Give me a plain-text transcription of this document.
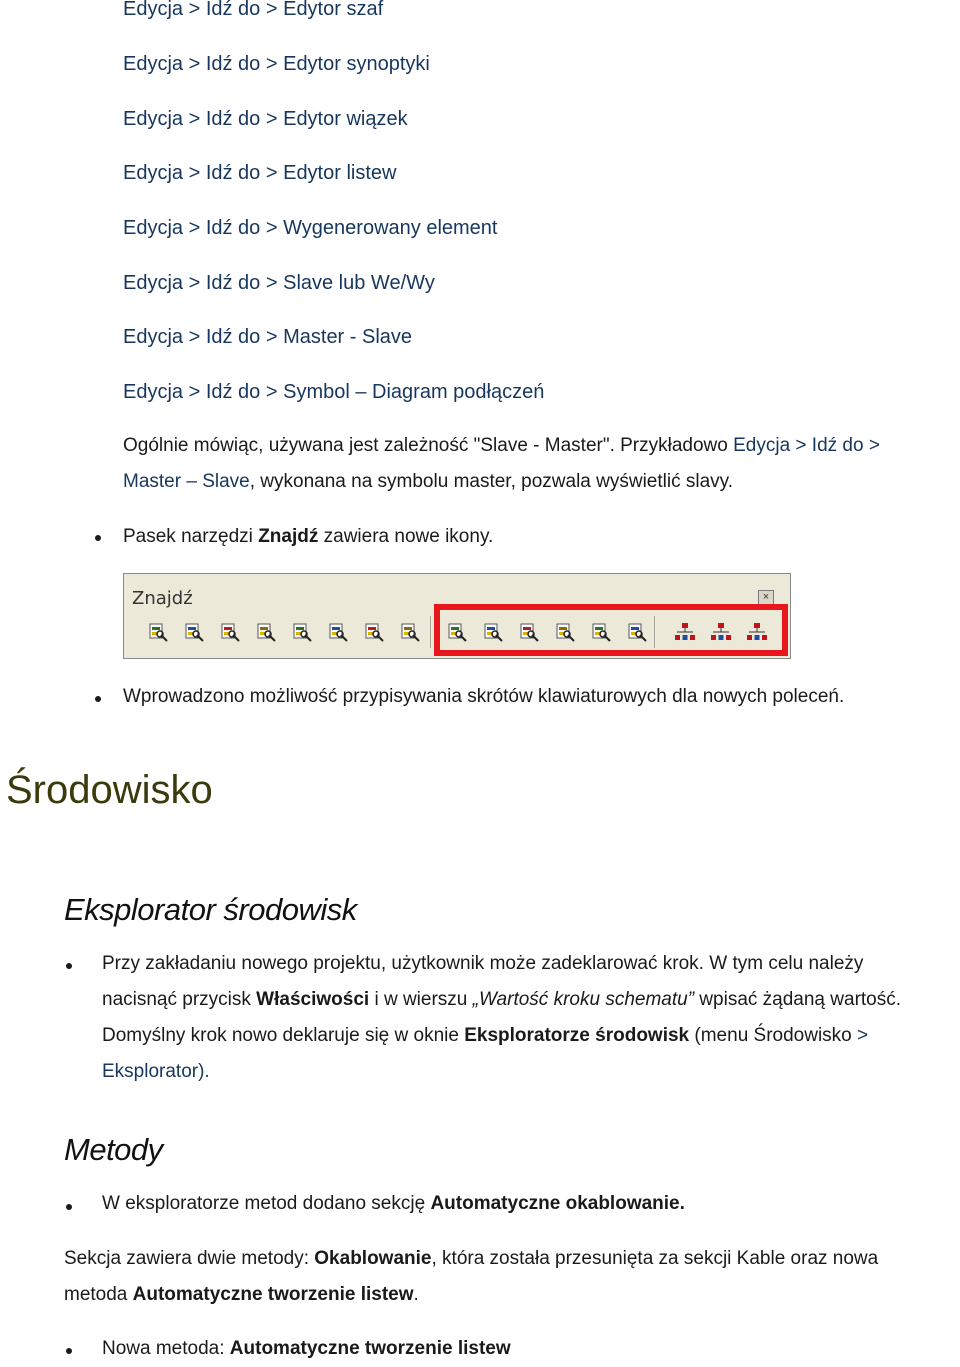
Edycja > Idź do > Edytor szaf
Edycja > Idź do > Edytor synoptyki
Edycja > Idź do > Edytor wiązek
Edycja > Idź do > Edytor listew
Edycja > Idź do > Wygenerowany element
Edycja > Idź do > Slave lub We/Wy
Edycja > Idź do > Master - Slave
Edycja > Idź do > Symbol – Diagram podłączeń
Ogólnie mówiąc, używana jest zależność "Slave - Master". Przykładowo Edycja > Idź do >
Master – Slave, wykonana na symbolu master, pozwala wyświetlić slavy.
Pasek narzędzi Znajdź zawiera nowe ikony.
Znajdź	×
Wprowadzono możliwość przypisywania skrótów klawiaturowych dla nowych poleceń.
Środowisko
Eksplorator środowisk
Przy zakładaniu nowego projektu, użytkownik może zadeklarować krok. W tym celu należy
nacisnąć przycisk Właściwości i w wierszu „Wartość kroku schematu” wpisać żądaną wartość.
Domyślny krok nowo deklaruje się w oknie Eksploratorze środowisk (menu Środowisko >
Eksplorator).
Metody
W eksploratorze metod dodano sekcję Automatyczne okablowanie.
Sekcja zawiera dwie metody: Okablowanie, która została przesunięta za sekcji Kable oraz nowa
metoda Automatyczne tworzenie listew.
Nowa metoda: Automatyczne tworzenie listew
